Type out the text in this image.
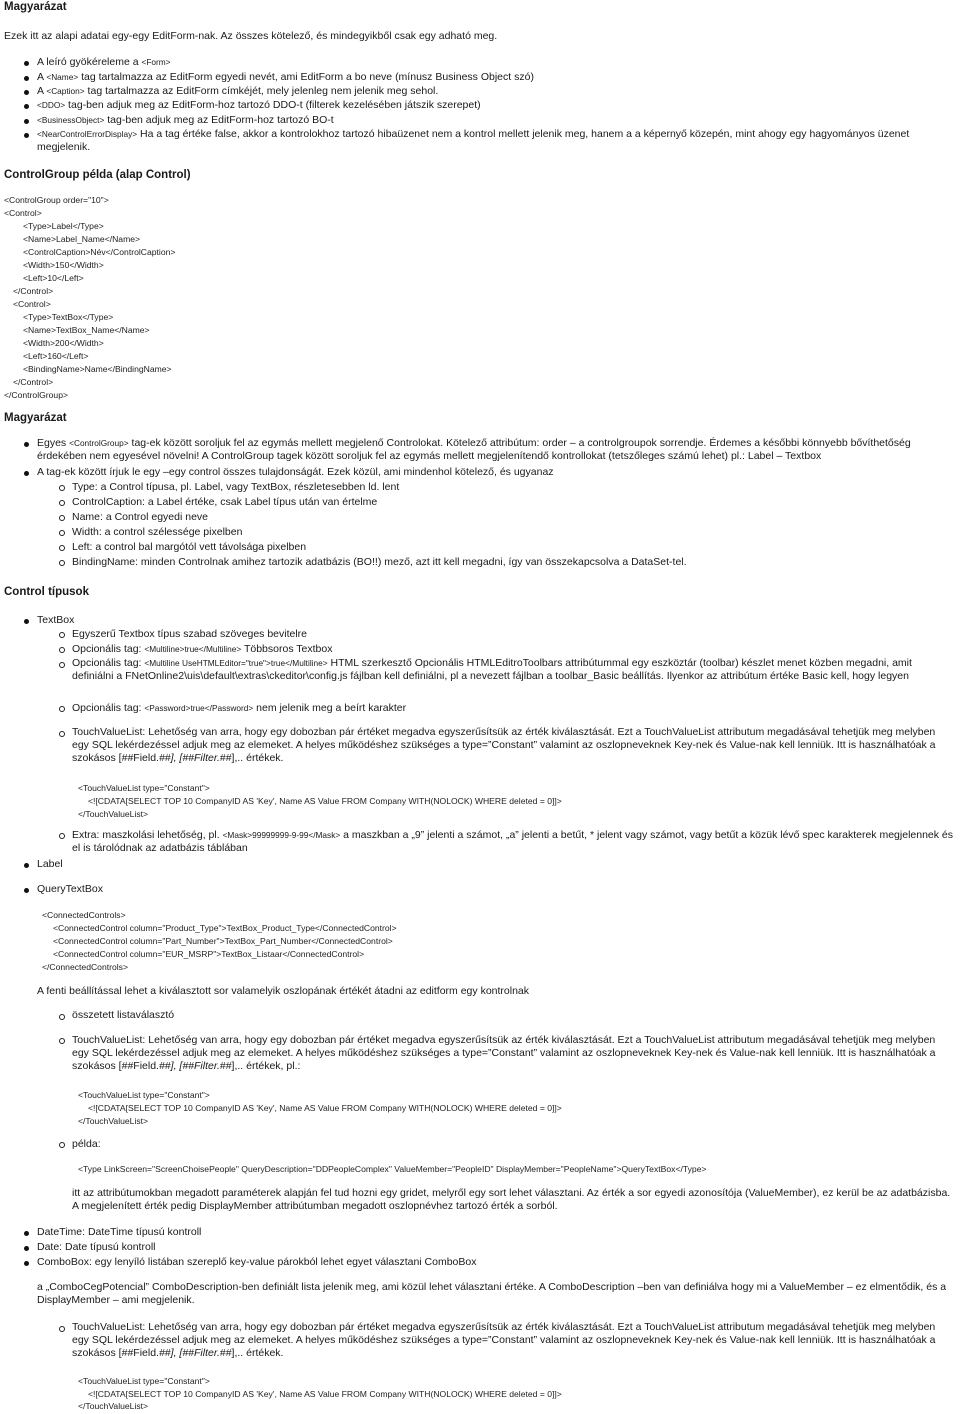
Magyarázat
Ezek itt az alapi adatai egy-egy EditForm-nak. Az összes kötelező, és mindegyikből csak egy adható meg.
A leíró gyökéreleme a <Form>
A <Name> tag tartalmazza az EditForm egyedi nevét, ami EditForm a bo neve (mínusz Business Object szó)
A <Caption> tag tartalmazza az EditForm címkéjét, mely jelenleg nem jelenik meg sehol.
<DDO> tag-ben adjuk meg az EditForm-hoz tartozó DDO-t (filterek kezelésében játszik szerepet)
<BusinessObject> tag-ben adjuk meg az EditForm-hoz tartozó BO-t
<NearControlErrorDisplay> Ha a tag értéke false, akkor a kontrolokhoz tartozó hibaüzenet nem a kontrol mellett jelenik meg, hanem a a képernyő közepén, mint ahogy egy hagyományos üzenet megjelenik.
ControlGroup példa (alap Control)
<ControlGroup order="10">
<Control>
<Type>Label</Type>
<Name>Label_Name</Name>
<ControlCaption>Név</ControlCaption>
<Width>150</Width>
<Left>10</Left>
</Control>
<Control>
<Type>TextBox</Type>
<Name>TextBox_Name</Name>
<Width>200</Width>
<Left>160</Left>
<BindingName>Name</BindingName>
</Control>
</ControlGroup>
Magyarázat
Egyes <ControlGroup> tag-ek között soroljuk fel az egymás mellett megjelenő Controlokat. Kötelező attribútum: order – a controlgroupok sorrendje. Érdemes a későbbi könnyebb bővíthetőség érdekében nem egyesével növelni! A ControlGroup tagek között soroljuk fel az egymás mellett megjelenítendő kontrollokat (tetszőleges számú lehet) pl.: Label – Textbox
A tag-ek között írjuk le egy –egy control összes tulajdonságát. Ezek közül, ami mindenhol kötelező, és ugyanaz
Type: a Control típusa, pl. Label, vagy TextBox, részletesebben ld. lent
ControlCaption: a Label értéke, csak Label típus után van értelme
Name: a Control egyedi neve
Width: a control szélessége pixelben
Left: a control bal margótól vett távolsága pixelben
BindingName: minden Controlnak amihez tartozik adatbázis (BO!!) mező, azt itt kell megadni, így van összekapcsolva a DataSet-tel.
Control típusok
TextBox
Egyszerű Textbox típus szabad szöveges bevitelre
Opcionális tag: <Multiline>true</Multiline> Többsoros Textbox
Opcionális tag: <Multiline UseHTMLEditor="true">true</Multiline> HTML szerkesztő Opcionális HTMLEditroToolbars attribútummal egy eszköztár (toolbar) készlet menet közben megadni, amit definiálni a FNetOnline2\uis\default\extras\ckeditor\config.js fájlban kell definiálni, pl a nevezett fájlban a toolbar_Basic beállítás. Ilyenkor az attribútum értéke Basic kell, hogy legyen
Opcionális tag: <Password>true</Password> nem jelenik meg a beírt karakter
TouchValueList: Lehetőség van arra, hogy egy dobozban pár értéket megadva egyszerűsítsük az érték kiválasztását. Ezt a TouchValueList attributum megadásával tehetjük meg melyben egy SQL lekérdezéssel adjuk meg az elemeket. A helyes működéshez szükséges a type=”Constant” valamint az oszlopneveknek Key-nek és Value-nak kell lenniük. Itt is használhatóak a szokásos [##Field.##], [##Filter.##],.. értékek.
<TouchValueList type="Constant">
<![CDATA[SELECT TOP 10 CompanyID AS 'Key', Name AS Value FROM Company WITH(NOLOCK) WHERE deleted = 0]]>
</TouchValueList>
Extra: maszkolási lehetőség, pl. <Mask>99999999-9-99</Mask> a maszkban a „9” jelenti a számot, „a” jelenti a betűt, * jelent vagy számot, vagy betűt a közük lévő spec karakterek megjelennek és el is tárolódnak az adatbázis táblában
Label
QueryTextBox
<ConnectedControls>
<ConnectedControl column="Product_Type">TextBox_Product_Type</ConnectedControl>
<ConnectedControl column="Part_Number">TextBox_Part_Number</ConnectedControl>
<ConnectedControl column="EUR_MSRP">TextBox_Listaar</ConnectedControl>
</ConnectedControls>
A fenti beállítással lehet a kiválasztott sor valamelyik oszlopának értékét átadni az editform egy kontrolnak
összetett listaválasztó
TouchValueList: Lehetőség van arra, hogy egy dobozban pár értéket megadva egyszerűsítsük az érték kiválasztását. Ezt a TouchValueList attributum megadásával tehetjük meg melyben egy SQL lekérdezéssel adjuk meg az elemeket. A helyes működéshez szükséges a type=”Constant” valamint az oszlopneveknek Key-nek és Value-nak kell lenniük. Itt is használhatóak a szokásos [##Field.##], [##Filter.##],.. értékek, pl.:
<TouchValueList type="Constant">
<![CDATA[SELECT TOP 10 CompanyID AS 'Key', Name AS Value FROM Company WITH(NOLOCK) WHERE deleted = 0]]>
</TouchValueList>
példa:
<Type LinkScreen="ScreenChoisePeople" QueryDescription="DDPeopleComplex" ValueMember="PeopleID" DisplayMember="PeopleName">QueryTextBox</Type>
itt az attribútumokban megadott paraméterek alapján fel tud hozni egy gridet, melyről egy sort lehet választani. Az érték a sor egyedi azonosítója (ValueMember), ez kerül be az adatbázisba. A megjelenített érték pedig DisplayMember attribútumban megadott oszlopnévhez tartozó érték a sorból.
DateTime: DateTime típusú kontroll
Date: Date típusú kontroll
ComboBox: egy lenyíló listában szereplő key-value párokból lehet egyet választani ComboBox
a „ComboCegPotencial” ComboDescription-ben definiált lista jelenik meg, ami közül lehet választani értéke. A ComboDescription –ben van definiálva hogy mi a ValueMember – ez elmentődik, és a DisplayMember – ami megjelenik.
TouchValueList: Lehetőség van arra, hogy egy dobozban pár értéket megadva egyszerűsítsük az érték kiválasztását. Ezt a TouchValueList attributum megadásával tehetjük meg melyben egy SQL lekérdezéssel adjuk meg az elemeket. A helyes működéshez szükséges a type=”Constant” valamint az oszlopneveknek Key-nek és Value-nak kell lenniük. Itt is használhatóak a szokásos [##Field.##], [##Filter.##],.. értékek.
<TouchValueList type="Constant">
<![CDATA[SELECT TOP 10 CompanyID AS 'Key', Name AS Value FROM Company WITH(NOLOCK) WHERE deleted = 0]]>
</TouchValueList>
